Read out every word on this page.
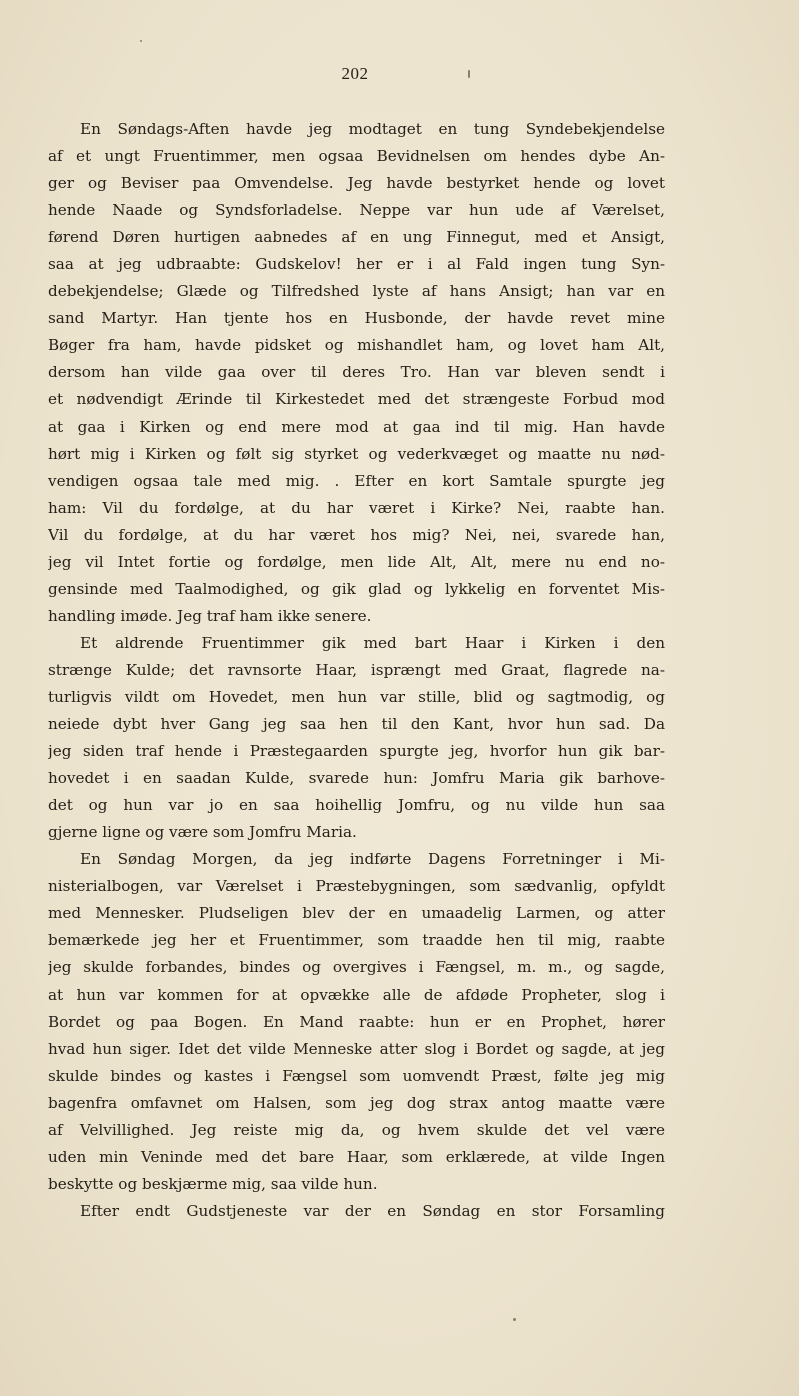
202
En Søndags-Aften havde jeg modtaget en tung Syndebekjendelse
af et ungt Fruentimmer, men ogsaa Bevidnelsen om hendes dybe An-
ger og Beviser paa Omvendelse. Jeg havde bestyrket hende og lovet
hende Naade og Syndsforladelse. Neppe var hun ude af Værelset,
førend Døren hurtigen aabnedes af en ung Finnegut, med et Ansigt,
saa at jeg udbraabte: Gudskelov! her er i al Fald ingen tung Syn-
debekjendelse; Glæde og Tilfredshed lyste af hans Ansigt; han var en
sand Martyr. Han tjente hos en Husbonde, der havde revet mine
Bøger fra ham, havde pidsket og mishandlet ham, og lovet ham Alt,
dersom han vilde gaa over til deres Tro. Han var bleven sendt i
et nødvendigt Ærinde til Kirkestedet med det strængeste Forbud mod
at gaa i Kirken og end mere mod at gaa ind til mig. Han havde
hørt mig i Kirken og følt sig styrket og vederkvæget og maatte nu nød-
vendigen ogsaa tale med mig. . Efter en kort Samtale spurgte jeg
ham: Vil du fordølge, at du har været i Kirke? Nei, raabte han.
Vil du fordølge, at du har været hos mig? Nei, nei, svarede han,
jeg vil Intet fortie og fordølge, men lide Alt, Alt, mere nu end no-
gensinde med Taalmodighed, og gik glad og lykkelig en forventet Mis-
handling imøde. Jeg traf ham ikke senere.
Et aldrende Fruentimmer gik med bart Haar i Kirken i den
strænge Kulde; det ravnsorte Haar, isprængt med Graat, flagrede na-
turligvis vildt om Hovedet, men hun var stille, blid og sagtmodig, og
neiede dybt hver Gang jeg saa hen til den Kant, hvor hun sad. Da
jeg siden traf hende i Præstegaarden spurgte jeg, hvorfor hun gik bar-
hovedet i en saadan Kulde, svarede hun: Jomfru Maria gik barhove-
det og hun var jo en saa hoihellig Jomfru, og nu vilde hun saa
gjerne ligne og være som Jomfru Maria.
En Søndag Morgen, da jeg indførte Dagens Forretninger i Mi-
nisterialbogen, var Værelset i Præstebygningen, som sædvanlig, opfyldt
med Mennesker. Pludseligen blev der en umaadelig Larmen, og atter
bemærkede jeg her et Fruentimmer, som traadde hen til mig, raabte
jeg skulde forbandes, bindes og overgives i Fængsel, m. m., og sagde,
at hun var kommen for at opvække alle de afdøde Propheter, slog i
Bordet og paa Bogen. En Mand raabte: hun er en Prophet, hører
hvad hun siger. Idet det vilde Menneske atter slog i Bordet og sagde, at jeg
skulde bindes og kastes i Fængsel som uomvendt Præst, følte jeg mig
bagenfra omfavnet om Halsen, som jeg dog strax antog maatte være
af Velvillighed. Jeg reiste mig da, og hvem skulde det vel være
uden min Veninde med det bare Haar, som erklærede, at vilde Ingen
beskytte og beskjærme mig, saa vilde hun.
Efter endt Gudstjeneste var der en Søndag en stor Forsamling
